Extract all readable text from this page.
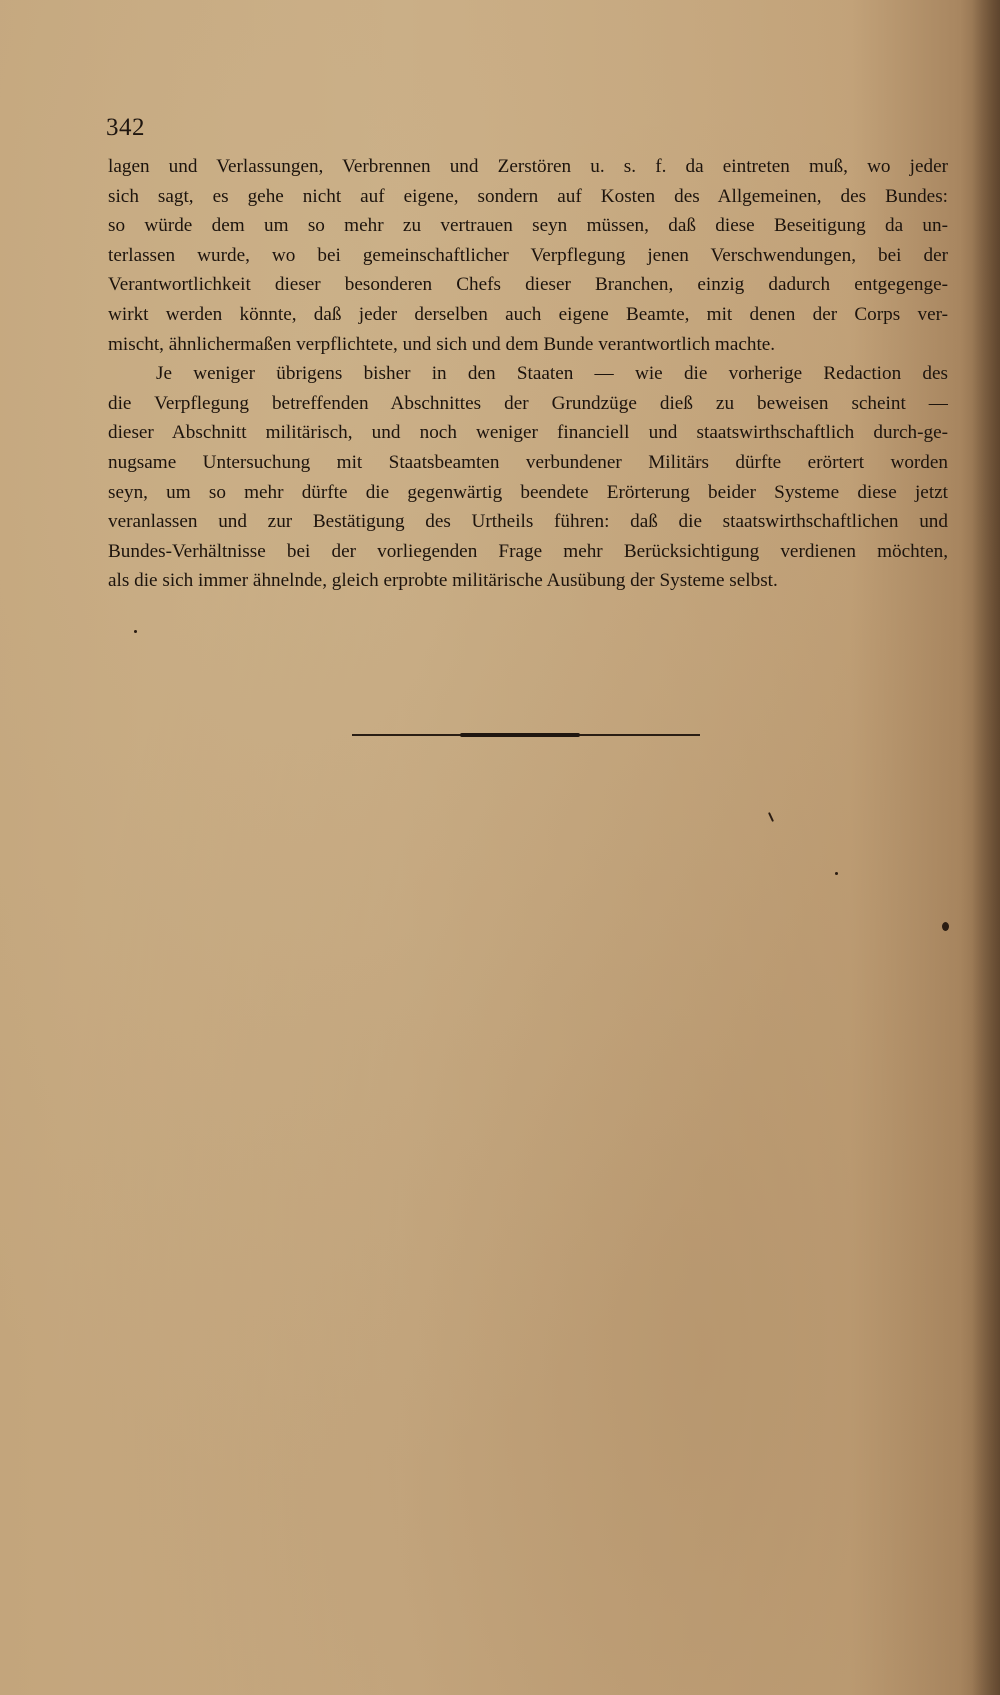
342
lagen und Verlassungen, Verbrennen und Zerstören u. s. f. da eintreten muß, wo jeder
sich sagt, es gehe nicht auf eigene, sondern auf Kosten des Allgemeinen, des Bundes:
so würde dem um so mehr zu vertrauen seyn müssen, daß diese Beseitigung da un-
terlassen wurde, wo bei gemeinschaftlicher Verpflegung jenen Verschwendungen, bei der
Verantwortlichkeit dieser besonderen Chefs dieser Branchen, einzig dadurch entgegenge-
wirkt werden könnte, daß jeder derselben auch eigene Beamte, mit denen der Corps ver-
mischt, ähnlichermaßen verpflichtete, und sich und dem Bunde verantwortlich machte.
Je weniger übrigens bisher in den Staaten — wie die vorherige Redaction des
die Verpflegung betreffenden Abschnittes der Grundzüge dieß zu beweisen scheint —
dieser Abschnitt militärisch, und noch weniger financiell und staatswirthschaftlich durch-ge-
nugsame Untersuchung mit Staatsbeamten verbundener Militärs dürfte erörtert worden
seyn, um so mehr dürfte die gegenwärtig beendete Erörterung beider Systeme diese jetzt
veranlassen und zur Bestätigung des Urtheils führen: daß die staatswirthschaftlichen und
Bundes-Verhältnisse bei der vorliegenden Frage mehr Berücksichtigung verdienen möchten,
als die sich immer ähnelnde, gleich erprobte militärische Ausübung der Systeme selbst.
